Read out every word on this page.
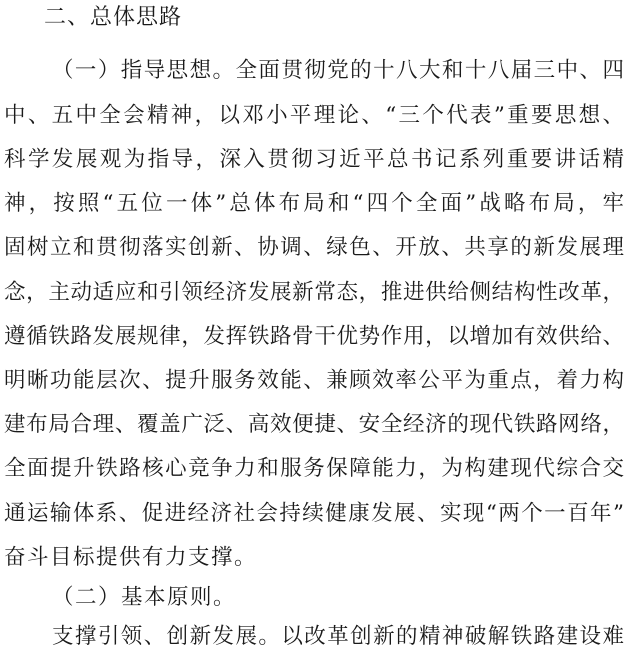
二、总体思路
（一）指导思想。全面贯彻党的十八大和十八届三中、四
中、五中全会精神，以邓小平理论、“三个代表”重要思想、
科学发展观为指导，深入贯彻习近平总书记系列重要讲话精
神，按照“五位一体”总体布局和“四个全面”战略布局，牢
固树立和贯彻落实创新、协调、绿色、开放、共享的新发展理
念，主动适应和引领经济发展新常态，推进供给侧结构性改革，
遵循铁路发展规律，发挥铁路骨干优势作用，以增加有效供给、
明晰功能层次、提升服务效能、兼顾效率公平为重点，着力构
建布局合理、覆盖广泛、高效便捷、安全经济的现代铁路网络，
全面提升铁路核心竞争力和服务保障能力，为构建现代综合交
通运输体系、促进经济社会持续健康发展、实现“两个一百年”
奋斗目标提供有力支撑。
（二）基本原则。
支撑引领、创新发展。以改革创新的精神破解铁路建设难
